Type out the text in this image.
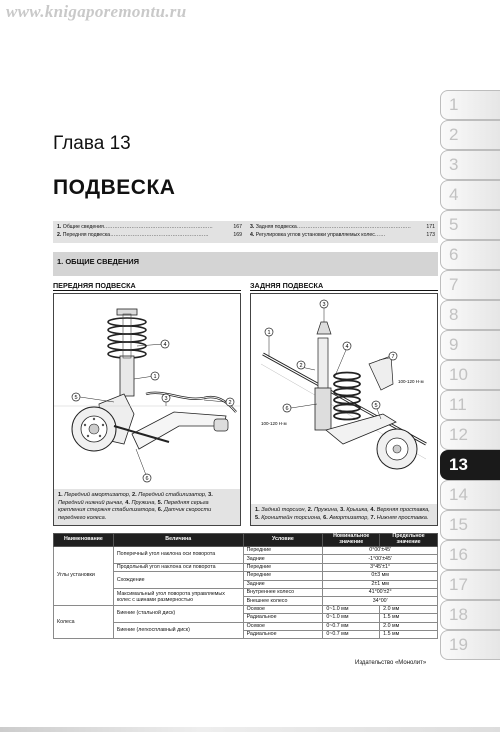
www.knigaporemontu.ru
1
2
3
4
5
6
7
8
9
10
11
12
13
14
15
16
17
18
19
Глава 13
ПОДВЕСКА
1. Общие сведения………………………………………………………	167
2. Передняя подвеска…………………………………………………	169
3. Задняя подвеска…………………………………………………………	171
4. Регулировка углов установки управляемых колес……	173
1. ОБЩИЕ СВЕДЕНИЯ
ПЕРЕДНЯЯ ПОДВЕСКА
4
1
5	3
2
6
1. Передний амортизатор, 2. Передний стабилизатор, 3. Передний нижний рычаг, 4. Пружина, 5. Передняя серьга крепления стержня стабилизатора, 6. Датчик скорости переднего колеса.
ЗАДНЯЯ ПОДВЕСКА
100-120 Н·м
100-120 Н·м
3
1
4
2
7
6	5
1. Задний торсион, 2. Пружина, 3. Крышка, 4. Верхняя проставка, 5. Кронштейн торсиона, 6. Амортизатор, 7. Нижняя проставка.
Наименование	Величина	Условие	Номинальное значение	Предельное значение
Углы установки	Поперечный угол наклона оси поворота	Передние	0°00'±45'	
		Задние	-1°00'±45'	
	Продольный угол наклона оси поворота	Передние	3°45'±1°	
	Схождение	Передние	0±3 мм	
		Задние	2±1 мм	
	Максимальный угол поворота управляемых колес с шинами размерностью	Внутреннее колесо	41°00'±2°	
		Внешнее колесо	34°00'	
Колеса	Биение (стальной диск)	Осевое	0~1.0 мм	2.0 мм
		Радиальное	0~1.0 мм	1.5 мм
	Биение (легкосплавный диск)	Осевое	0~0.7 мм	2.0 мм
		Радиальное	0~0.7 мм	1.5 мм
Издательство «Монолит»
